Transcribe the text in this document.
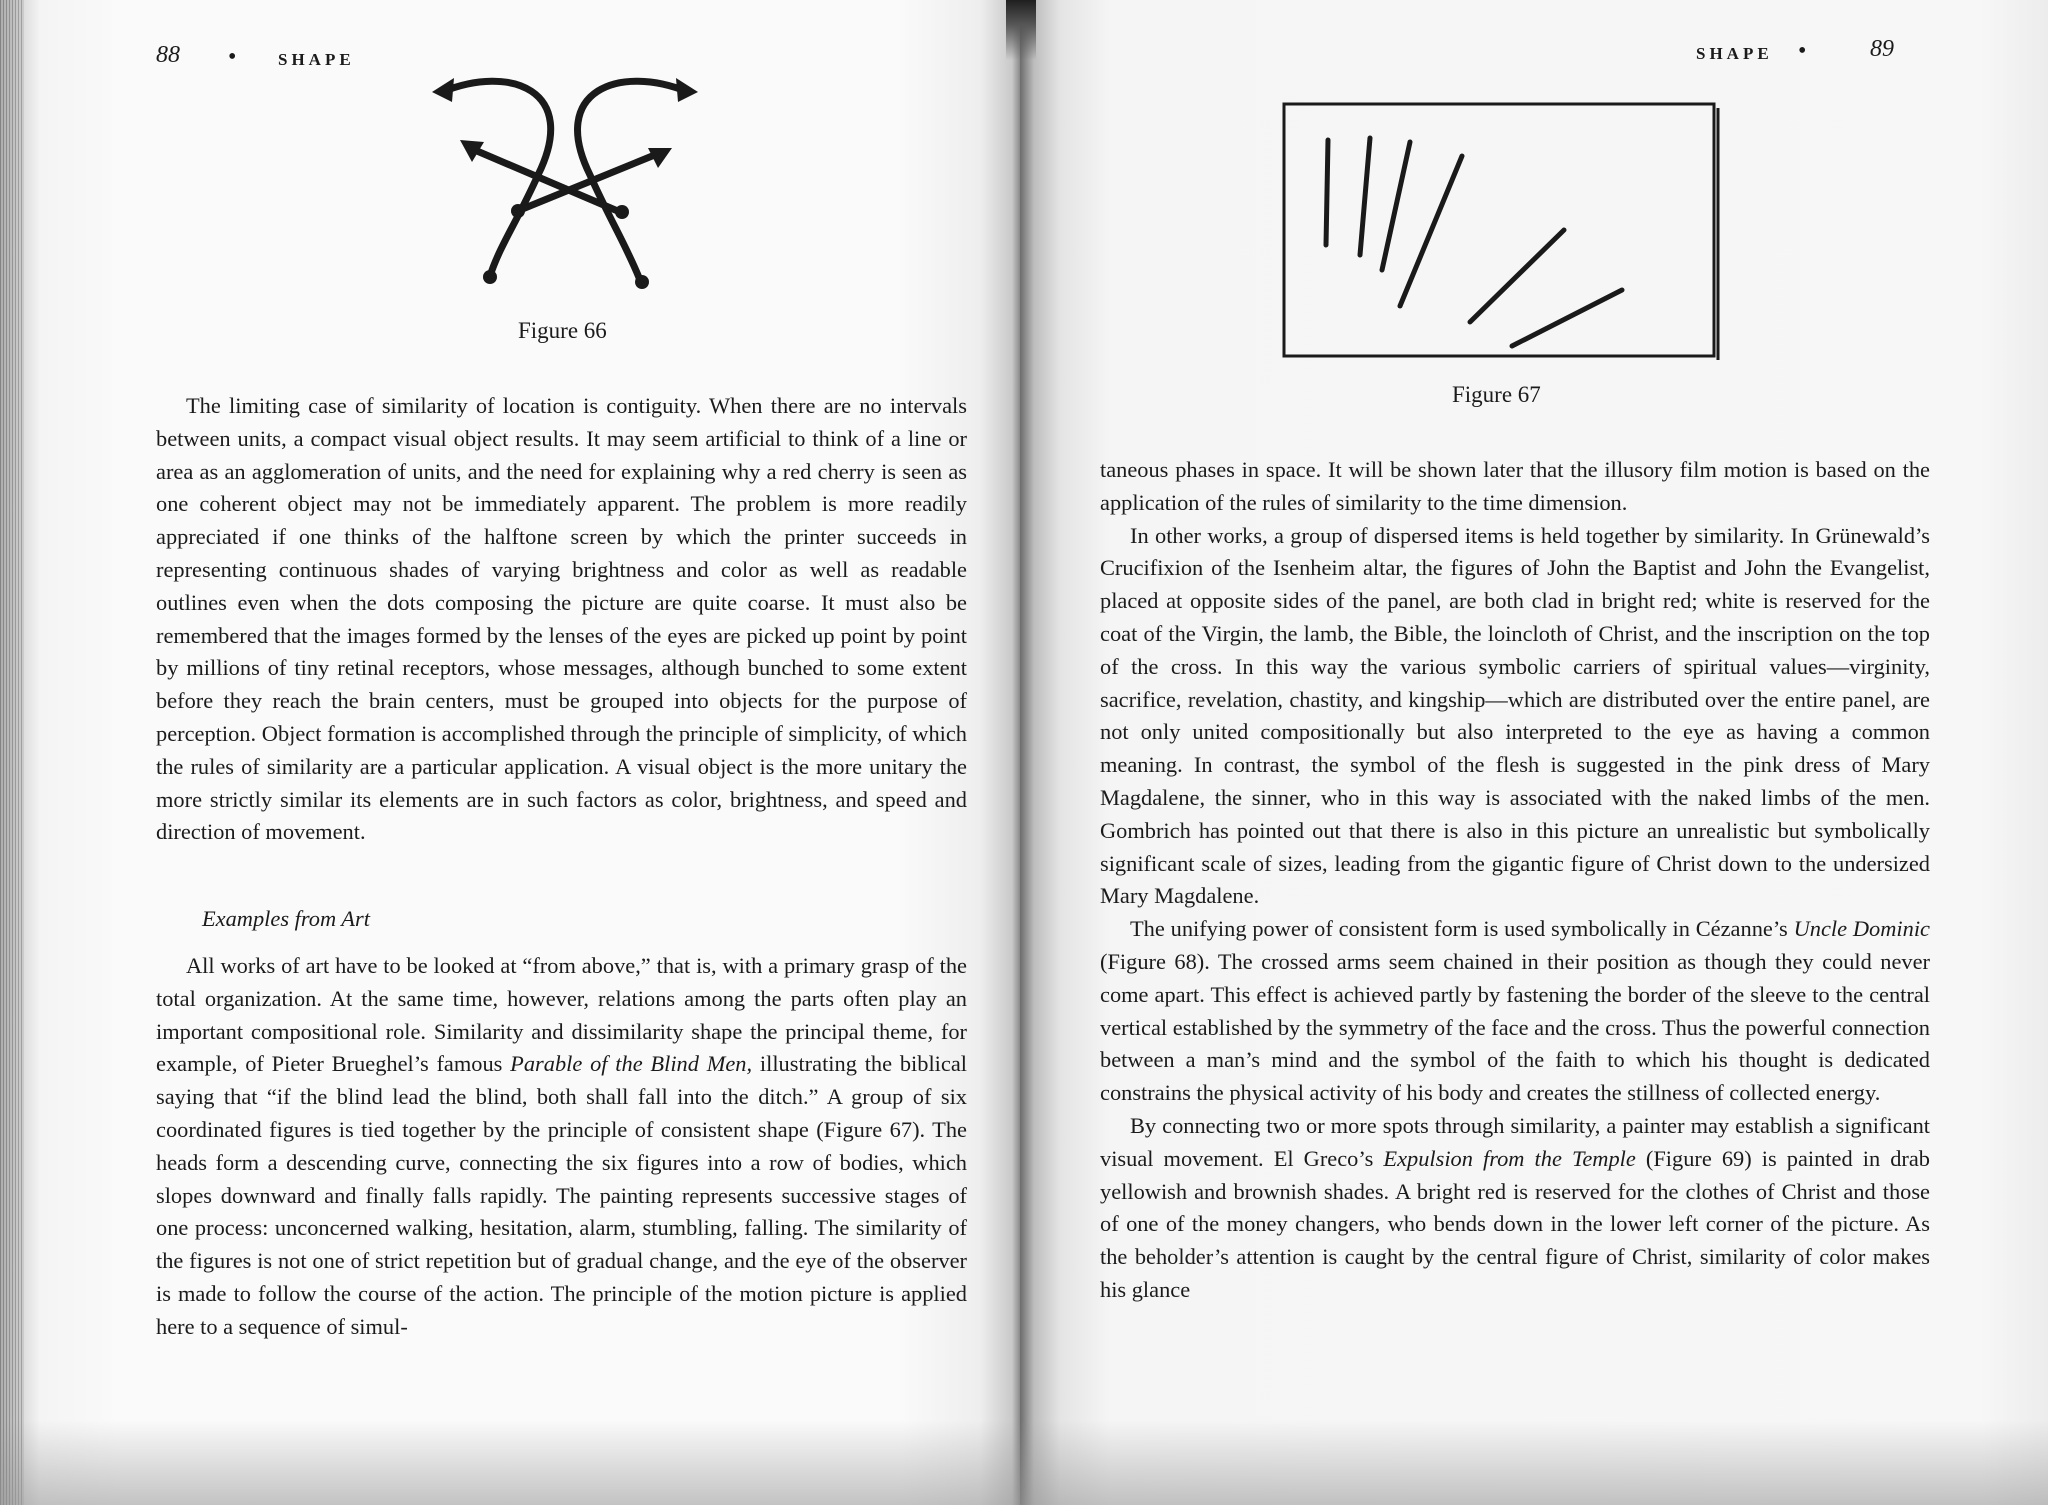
88 • SHAPE
Figure 66

The limiting case of similarity of location is contiguity. When there are no intervals between units, a compact visual object results. It may seem artificial to think of a line or area as an agglomeration of units, and the need for explaining why a red cherry is seen as one coherent object may not be immediately apparent. The problem is more readily appreciated if one thinks of the halftone screen by which the printer succeeds in representing continuous shades of varying brightness and color as well as readable outlines even when the dots composing the picture are quite coarse. It must also be remembered that the images formed by the lenses of the eyes are picked up point by point by millions of tiny retinal receptors, whose messages, although bunched to some extent before they reach the brain centers, must be grouped into objects for the purpose of perception. Object formation is accomplished through the principle of simplicity, of which the rules of similarity are a particular application. A visual object is the more unitary the more strictly similar its elements are in such factors as color, brightness, and speed and direction of movement.

Examples from Art

All works of art have to be looked at “from above,” that is, with a primary grasp of the total organization. At the same time, however, relations among the parts often play an important compositional role. Similarity and dissimilarity shape the principal theme, for example, of Pieter Brueghel’s famous Parable of the Blind Men, illustrating the biblical saying that “if the blind lead the blind, both shall fall into the ditch.” A group of six coordinated figures is tied together by the principle of consistent shape (Figure 67). The heads form a descending curve, connecting the six figures into a row of bodies, which slopes downward and finally falls rapidly. The painting represents successive stages of one process: unconcerned walking, hesitation, alarm, stumbling, falling. The similarity of the figures is not one of strict repetition but of gradual change, and the eye of the observer is made to follow the course of the action. The principle of the motion picture is applied here to a sequence of simul-

SHAPE •	89
Figure 67

taneous phases in space. It will be shown later that the illusory film motion is based on the application of the rules of similarity to the time dimension.

In other works, a group of dispersed items is held together by similarity. In Grünewald’s Crucifixion of the Isenheim altar, the figures of John the Baptist and John the Evangelist, placed at opposite sides of the panel, are both clad in bright red; white is reserved for the coat of the Virgin, the lamb, the Bible, the loincloth of Christ, and the inscription on the top of the cross. In this way the various symbolic carriers of spiritual values—virginity, sacrifice, revelation, chastity, and kingship—which are distributed over the entire panel, are not only united compositionally but also interpreted to the eye as having a common meaning. In contrast, the symbol of the flesh is suggested in the pink dress of Mary Magdalene, the sinner, who in this way is associated with the naked limbs of the men. Gombrich has pointed out that there is also in this picture an unrealistic but symbolically significant scale of sizes, leading from the gigantic figure of Christ down to the undersized Mary Magdalene.

The unifying power of consistent form is used symbolically in Cézanne’s Uncle Dominic (Figure 68). The crossed arms seem chained in their position as though they could never come apart. This effect is achieved partly by fastening the border of the sleeve to the central vertical established by the symmetry of the face and the cross. Thus the powerful connection between a man’s mind and the symbol of the faith to which his thought is dedicated constrains the physical activity of his body and creates the stillness of collected energy.

By connecting two or more spots through similarity, a painter may establish a significant visual movement. El Greco’s Expulsion from the Temple (Figure 69) is painted in drab yellowish and brownish shades. A bright red is reserved for the clothes of Christ and those of one of the money changers, who bends down in the lower left corner of the picture. As the beholder’s attention is caught by the central figure of Christ, similarity of color makes his glance
